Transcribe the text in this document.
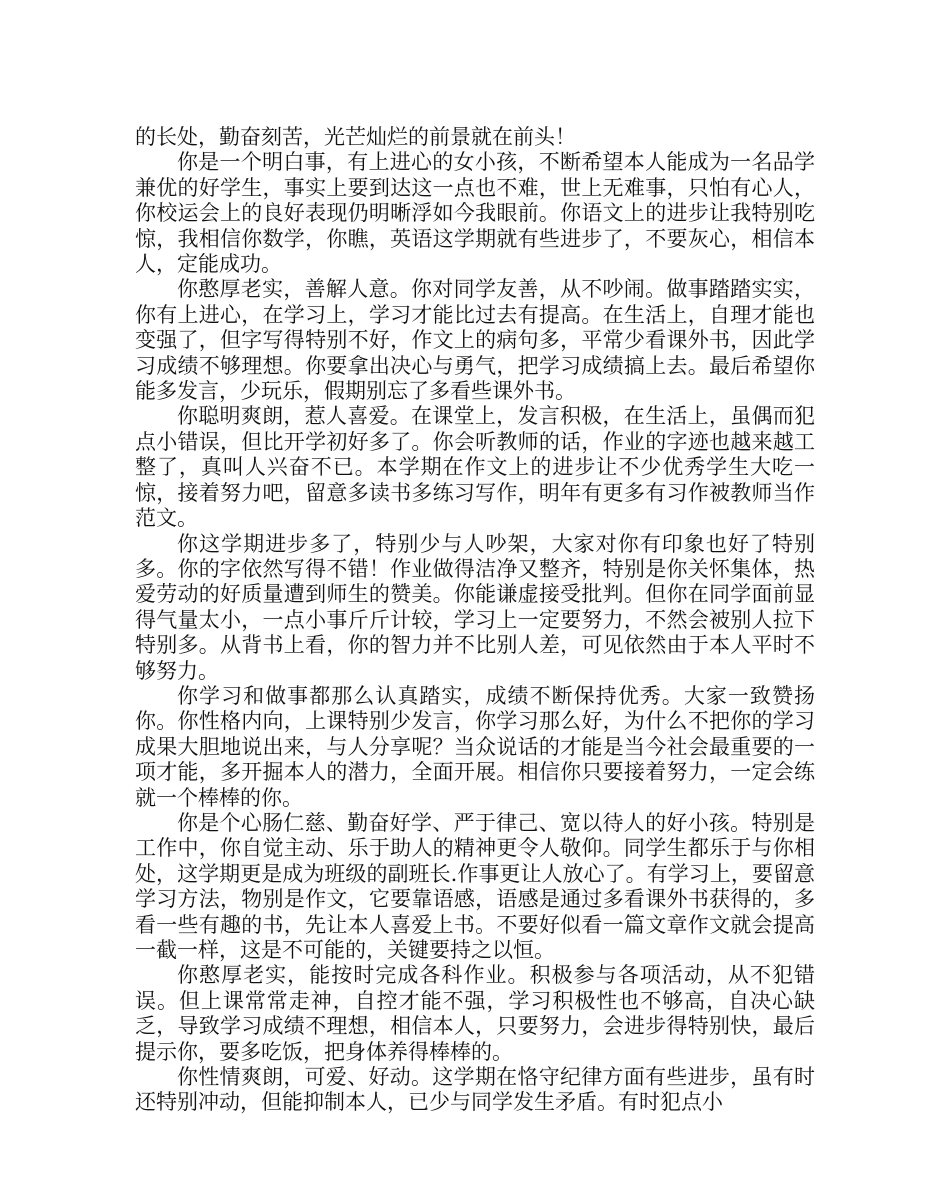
的长处，勤奋刻苦，光芒灿烂的前景就在前头！

你是一个明白事，有上进心的女小孩，不断希望本人能成为一名品学兼优的好学生，事实上要到达这一点也不难，世上无难事，只怕有心人，你校运会上的良好表现仍明晰浮如今我眼前。你语文上的进步让我特别吃惊，我相信你数学，你瞧，英语这学期就有些进步了，不要灰心，相信本人，定能成功。

你憨厚老实，善解人意。你对同学友善，从不吵闹。做事踏踏实实，你有上进心，在学习上，学习才能比过去有提高。在生活上，自理才能也变强了，但字写得特别不好，作文上的病句多，平常少看课外书，因此学习成绩不够理想。你要拿出决心与勇气，把学习成绩搞上去。最后希望你能多发言，少玩乐，假期别忘了多看些课外书。

你聪明爽朗，惹人喜爱。在课堂上，发言积极，在生活上，虽偶而犯点小错误，但比开学初好多了。你会听教师的话，作业的字迹也越来越工整了，真叫人兴奋不已。本学期在作文上的进步让不少优秀学生大吃一惊，接着努力吧，留意多读书多练习写作，明年有更多有习作被教师当作范文。

你这学期进步多了，特别少与人吵架，大家对你有印象也好了特别多。你的字依然写得不错！作业做得洁净又整齐，特别是你关怀集体，热爱劳动的好质量遭到师生的赞美。你能谦虚接受批判。但你在同学面前显得气量太小，一点小事斤斤计较，学习上一定要努力，不然会被别人拉下特别多。从背书上看，你的智力并不比别人差，可见依然由于本人平时不够努力。

你学习和做事都那么认真踏实，成绩不断保持优秀。大家一致赞扬你。你性格内向，上课特别少发言，你学习那么好，为什么不把你的学习成果大胆地说出来，与人分享呢？当众说话的才能是当今社会最重要的一项才能，多开掘本人的潜力，全面开展。相信你只要接着努力，一定会练就一个棒棒的你。

你是个心肠仁慈、勤奋好学、严于律己、宽以待人的好小孩。特别是工作中，你自觉主动、乐于助人的精神更令人敬仰。同学生都乐于与你相处，这学期更是成为班级的副班长.作事更让人放心了。有学习上，要留意学习方法，物别是作文，它要靠语感，语感是通过多看课外书获得的，多看一些有趣的书，先让本人喜爱上书。不要好似看一篇文章作文就会提高一截一样，这是不可能的，关键要持之以恒。

你憨厚老实，能按时完成各科作业。积极参与各项活动，从不犯错误。但上课常常走神，自控才能不强，学习积极性也不够高，自决心缺乏，导致学习成绩不理想，相信本人，只要努力，会进步得特别快，最后提示你，要多吃饭，把身体养得棒棒的。

你性情爽朗，可爱、好动。这学期在恪守纪律方面有些进步，虽有时还特别冲动，但能抑制本人，已少与同学发生矛盾。有时犯点小
